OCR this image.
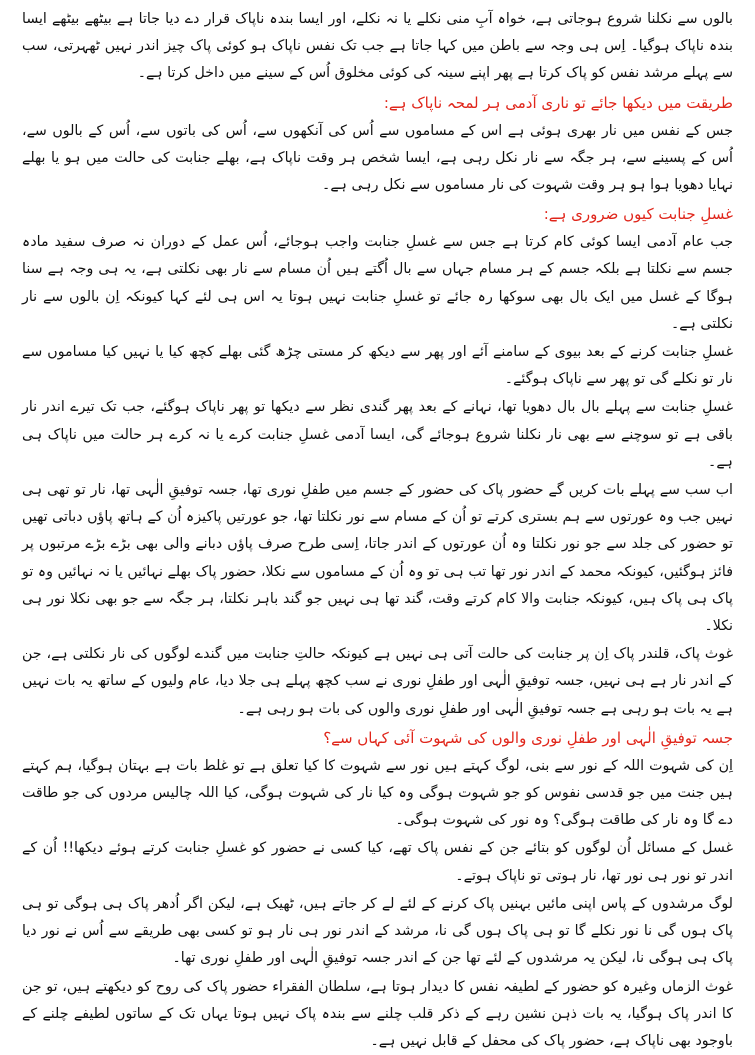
بالوں سے نکلنا شروع ہوجاتی ہے، خواہ آبِ منی نکلے یا نہ نکلے، اور ایسا بندہ ناپاک قرار دے دیا جاتا ہے بیٹھے بیٹھے ایسا بندہ ناپاک ہوگیا۔ اِس ہی وجہ سے باطن میں کہا جاتا ہے جب تک نفس ناپاک ہو کوئی پاک چیز اندر نہیں ٹھہرتی، سب سے پہلے مرشد نفس کو پاک کرتا ہے پھر اپنے سینہ کی کوئی مخلوق اُس کے سینے میں داخل کرتا ہے۔

طریقت میں دیکھا جائے تو ناری آدمی ہر لمحہ ناپاک ہے:

جس کے نفس میں نار بھری ہوئی ہے اس کے مساموں سے اُس کی آنکھوں سے، اُس کی باتوں سے، اُس کے بالوں سے، اُس کے پسینے سے، ہر جگہ سے نار نکل رہی ہے، ایسا شخص ہر وقت ناپاک ہے، بھلے جنابت کی حالت میں ہو یا بھلے نہایا دھویا ہوا ہو ہر وقت شہوت کی نار مساموں سے نکل رہی ہے۔

غسلِ جنابت کیوں ضروری ہے:

جب عام آدمی ایسا کوئی کام کرتا ہے جس سے غسلِ جنابت واجب ہوجائے، اُس عمل کے دوران نہ صرف سفید مادہ جسم سے نکلتا ہے بلکہ جسم کے ہر مسام جہاں سے بال اُگتے ہیں اُن مسام سے نار بھی نکلتی ہے، یہ ہی وجہ ہے سنا ہوگا کے غسل میں ایک بال بھی سوکھا رہ جائے تو غسلِ جنابت نہیں ہوتا یہ اس ہی لئے کہا کیونکہ اِن بالوں سے نار نکلتی ہے۔

غسلِ جنابت کرنے کے بعد بیوی کے سامنے آئے اور پھر سے دیکھ کر مستی چڑھ گئی بھلے کچھ کیا یا نہیں کیا مساموں سے نار تو نکلے گی تو پھر سے ناپاک ہوگئے۔

غسلِ جنابت سے پہلے بال بال دھویا تھا، نہانے کے بعد پھر گندی نظر سے دیکھا تو پھر ناپاک ہوگئے، جب تک تیرے اندر نار باقی ہے تو سوچنے سے بھی نار نکلنا شروع ہوجائے گی، ایسا آدمی غسلِ جنابت کرے یا نہ کرے ہر حالت میں ناپاک ہی ہے۔

اب سب سے پہلے بات کریں گے حضور پاک کی حضور کے جسم میں طفلِ نوری تھا، جسہ توفیقِ الٰہی تھا، نار تو تھی ہی نہیں جب وہ عورتوں سے ہم بستری کرتے تو اُن کے مسام سے نور نکلتا تھا، جو عورتیں پاکیزہ اُن کے ہاتھ پاؤں دباتی تھیں تو حضور کی جلد سے جو نور نکلتا وہ اُن عورتوں کے اندر جاتا، اِسی طرح صرف پاؤں دبانے والی بھی بڑے بڑے مرتبوں پر فائز ہوگئیں، کیونکہ محمد کے اندر نور تھا تب ہی تو وہ اُن کے مساموں سے نکلا، حضور پاک بھلے نہائیں یا نہ نہائیں وہ تو پاک ہی پاک ہیں، کیونکہ جنابت والا کام کرتے وقت، گند تھا ہی نہیں جو گند باہر نکلتا، ہر جگہ سے جو بھی نکلا نور ہی نکلا۔

غوث پاک، قلندر پاک اِن پر جنابت کی حالت آتی ہی نہیں ہے کیونکہ حالتِ جنابت میں گندے لوگوں کی نار نکلتی ہے، جن کے اندر نار ہے ہی نہیں، جسہ توفیقِ الٰہی اور طفلِ نوری نے سب کچھ پہلے ہی جلا دیا، عام ولیوں کے ساتھ یہ بات نہیں ہے یہ بات ہو رہی ہے جسہ توفیقِ الٰہی اور طفلِ نوری والوں کی بات ہو رہی ہے۔

جسہ توفیقِ الٰہی اور طفلِ نوری والوں کی شہوت آئی کہاں سے؟

اِن کی شہوت اللہ کے نور سے بنی، لوگ کہتے ہیں نور سے شہوت کا کیا تعلق ہے تو غلط بات ہے بہتان ہوگیا، ہم کہتے ہیں جنت میں جو قدسی نفوس کو جو شہوت ہوگی وہ کیا نار کی شہوت ہوگی، کیا اللہ چالیس مردوں کی جو طاقت دے گا وہ نار کی طاقت ہوگی؟ وہ نور کی شہوت ہوگی۔

غسل کے مسائل اُن لوگوں کو بتائے جن کے نفس پاک تھے، کیا کسی نے حضور کو غسلِ جنابت کرتے ہوئے دیکھا!! اُن کے اندر تو نور ہی نور تھا، نار ہوتی تو ناپاک ہوتے۔

لوگ مرشدوں کے پاس اپنی مائیں بہنیں پاک کرنے کے لئے لے کر جاتے ہیں، ٹھیک ہے، لیکن اگر اُدھر پاک ہی ہوگی تو ہی پاک ہوں گی نا نور نکلے گا تو ہی پاک ہوں گی نا، مرشد کے اندر نور ہی نار ہو تو کسی بھی طریقے سے اُس نے نور دیا پاک ہی ہوگی نا، لیکن یہ مرشدوں کے لئے تھا جن کے اندر جسہ توفیقِ الٰہی اور طفلِ نوری تھا۔

غوث الزماں وغیرہ کو حضور کے لطیفہ نفس کا دیدار ہوتا ہے، سلطان الفقراء حضور پاک کی روح کو دیکھتے ہیں، تو جن کا اندر پاک ہوگیا، یہ بات ذہن نشین رہے کے ذکر قلب چلنے سے بندہ پاک نہیں ہوتا یہاں تک کے ساتوں لطیفے چلنے کے باوجود بھی ناپاک ہے، حضور پاک کی محفل کے قابل نہیں ہے۔
